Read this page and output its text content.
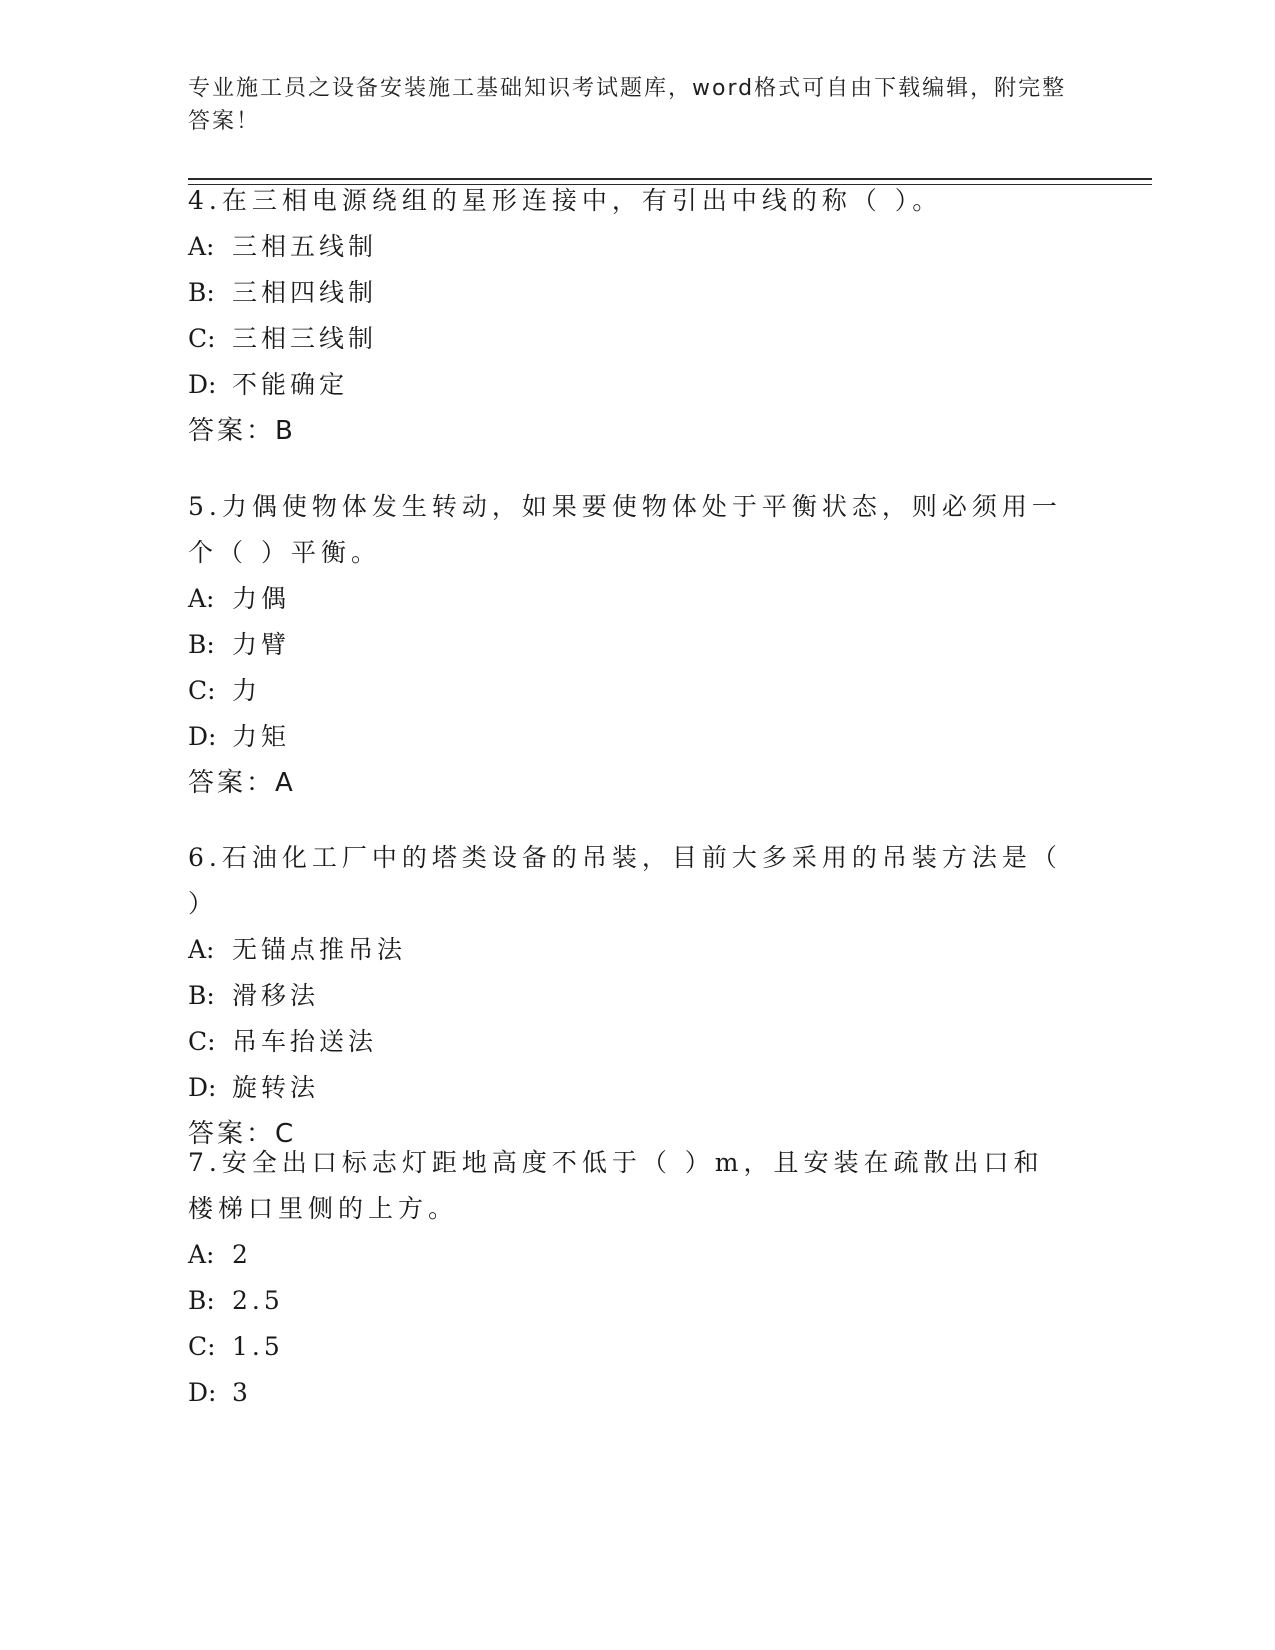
专业施工员之设备安装施工基础知识考试题库，word格式可自由下载编辑，附完整答案！

4.在三相电源绕组的星形连接中，有引出中线的称（ ）。

A: 三相五线制

B: 三相四线制

C: 三相三线制

D: 不能确定

答案：B

5.力偶使物体发生转动，如果要使物体处于平衡状态，则必须用一个（ ）平衡。

A: 力偶

B: 力臂

C: 力

D: 力矩

答案：A

6.石油化工厂中的塔类设备的吊装，目前大多采用的吊装方法是（ ）

A: 无锚点推吊法

B: 滑移法

C: 吊车抬送法

D: 旋转法

答案：C

7.安全出口标志灯距地高度不低于（ ）m，且安装在疏散出口和楼梯口里侧的上方。

A: 2

B: 2.5

C: 1.5

D: 3
